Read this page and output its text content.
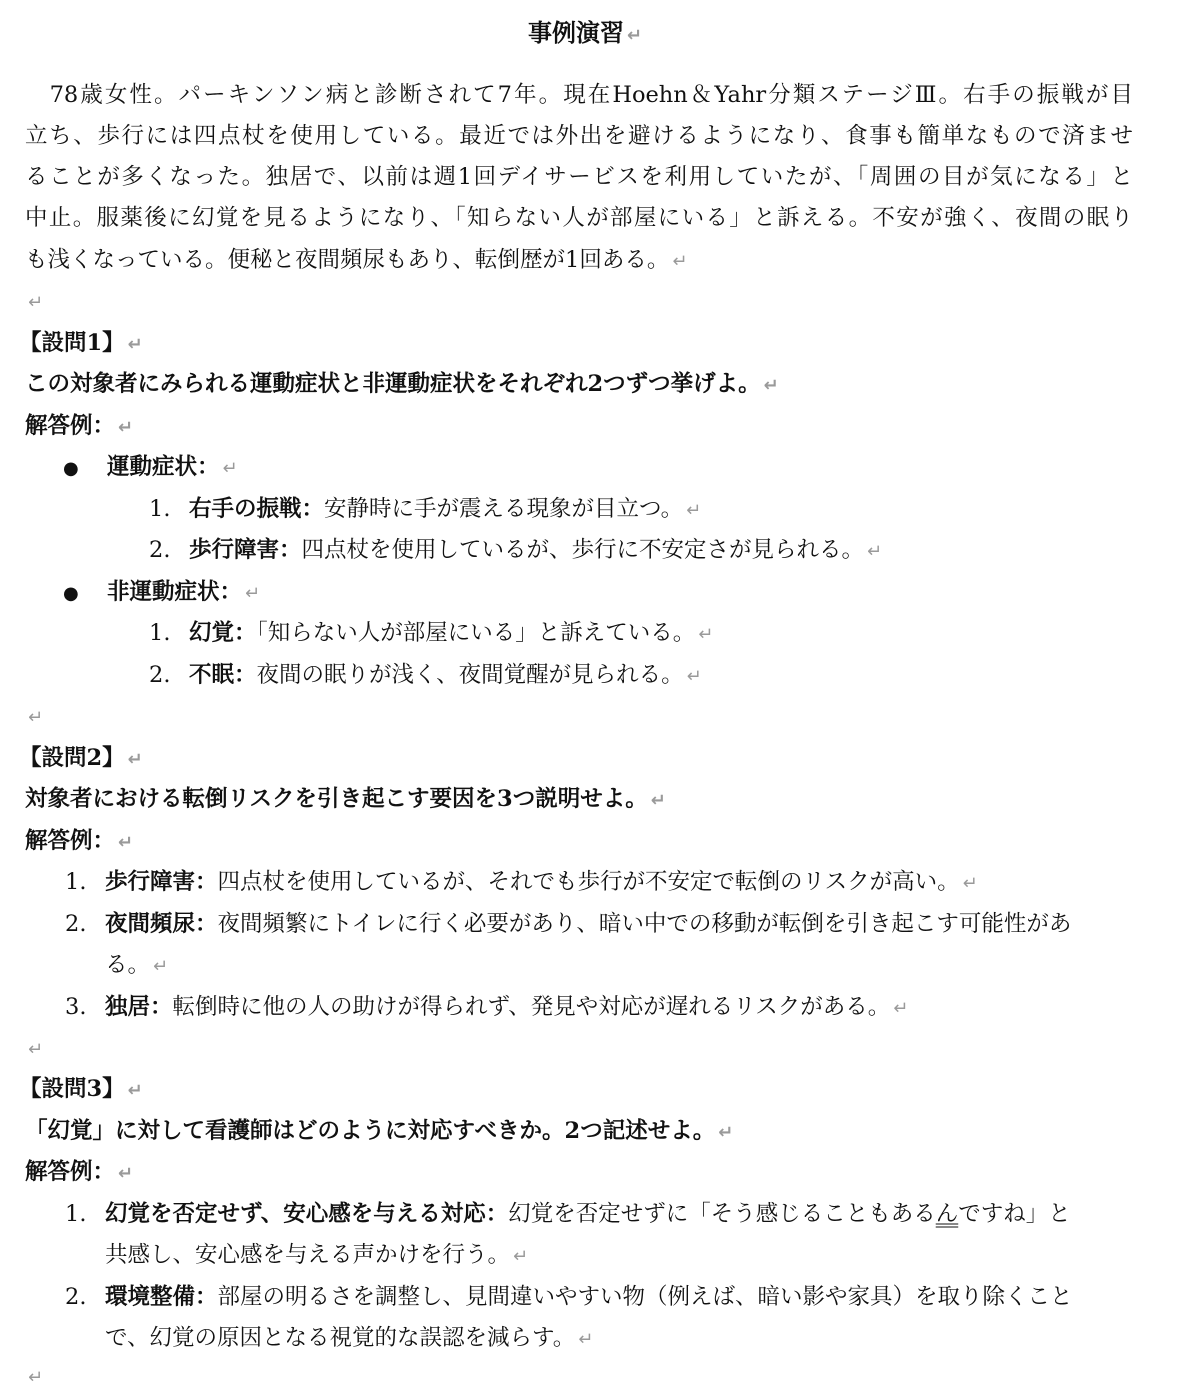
事例演習 ↵
　78歳女性。パーキンソン病と診断されて7年。現在Hoehn＆Yahr分類ステージⅢ。右手の振戦が目
立ち、歩行には四点杖を使用している。最近では外出を避けるようになり、食事も簡単なもので済ませ
ることが多くなった。独居で、以前は週1回デイサービスを利用していたが、「周囲の目が気になる」と
中止。服薬後に幻覚を見るようになり、「知らない人が部屋にいる」と訴える。不安が強く、夜間の眠り
も浅くなっている。便秘と夜間頻尿もあり、転倒歴が1回ある。 ↵
↵
【設問1】 ↵
この対象者にみられる運動症状と非運動症状をそれぞれ2つずつ挙げよ。 ↵
解答例： ↵
● 運動症状： ↵
1. 右手の振戦：安静時に手が震える現象が目立つ。 ↵
2. 歩行障害：四点杖を使用しているが、歩行に不安定さが見られる。 ↵
● 非運動症状： ↵
1. 幻覚：「知らない人が部屋にいる」と訴えている。 ↵
2. 不眠：夜間の眠りが浅く、夜間覚醒が見られる。 ↵
↵
【設問2】 ↵
対象者における転倒リスクを引き起こす要因を3つ説明せよ。 ↵
解答例： ↵
1. 歩行障害：四点杖を使用しているが、それでも歩行が不安定で転倒のリスクが高い。 ↵
2. 夜間頻尿：夜間頻繁にトイレに行く必要があり、暗い中での移動が転倒を引き起こす可能性があ
る。 ↵
3. 独居：転倒時に他の人の助けが得られず、発見や対応が遅れるリスクがある。 ↵
↵
【設問3】 ↵
「幻覚」に対して看護師はどのように対応すべきか。2つ記述せよ。 ↵
解答例： ↵
1. 幻覚を否定せず、安心感を与える対応：幻覚を否定せずに「そう感じることもあるんですね」と
共感し、安心感を与える声かけを行う。 ↵
2. 環境整備：部屋の明るさを調整し、見間違いやすい物（例えば、暗い影や家具）を取り除くこと
で、幻覚の原因となる視覚的な誤認を減らす。 ↵
↵
